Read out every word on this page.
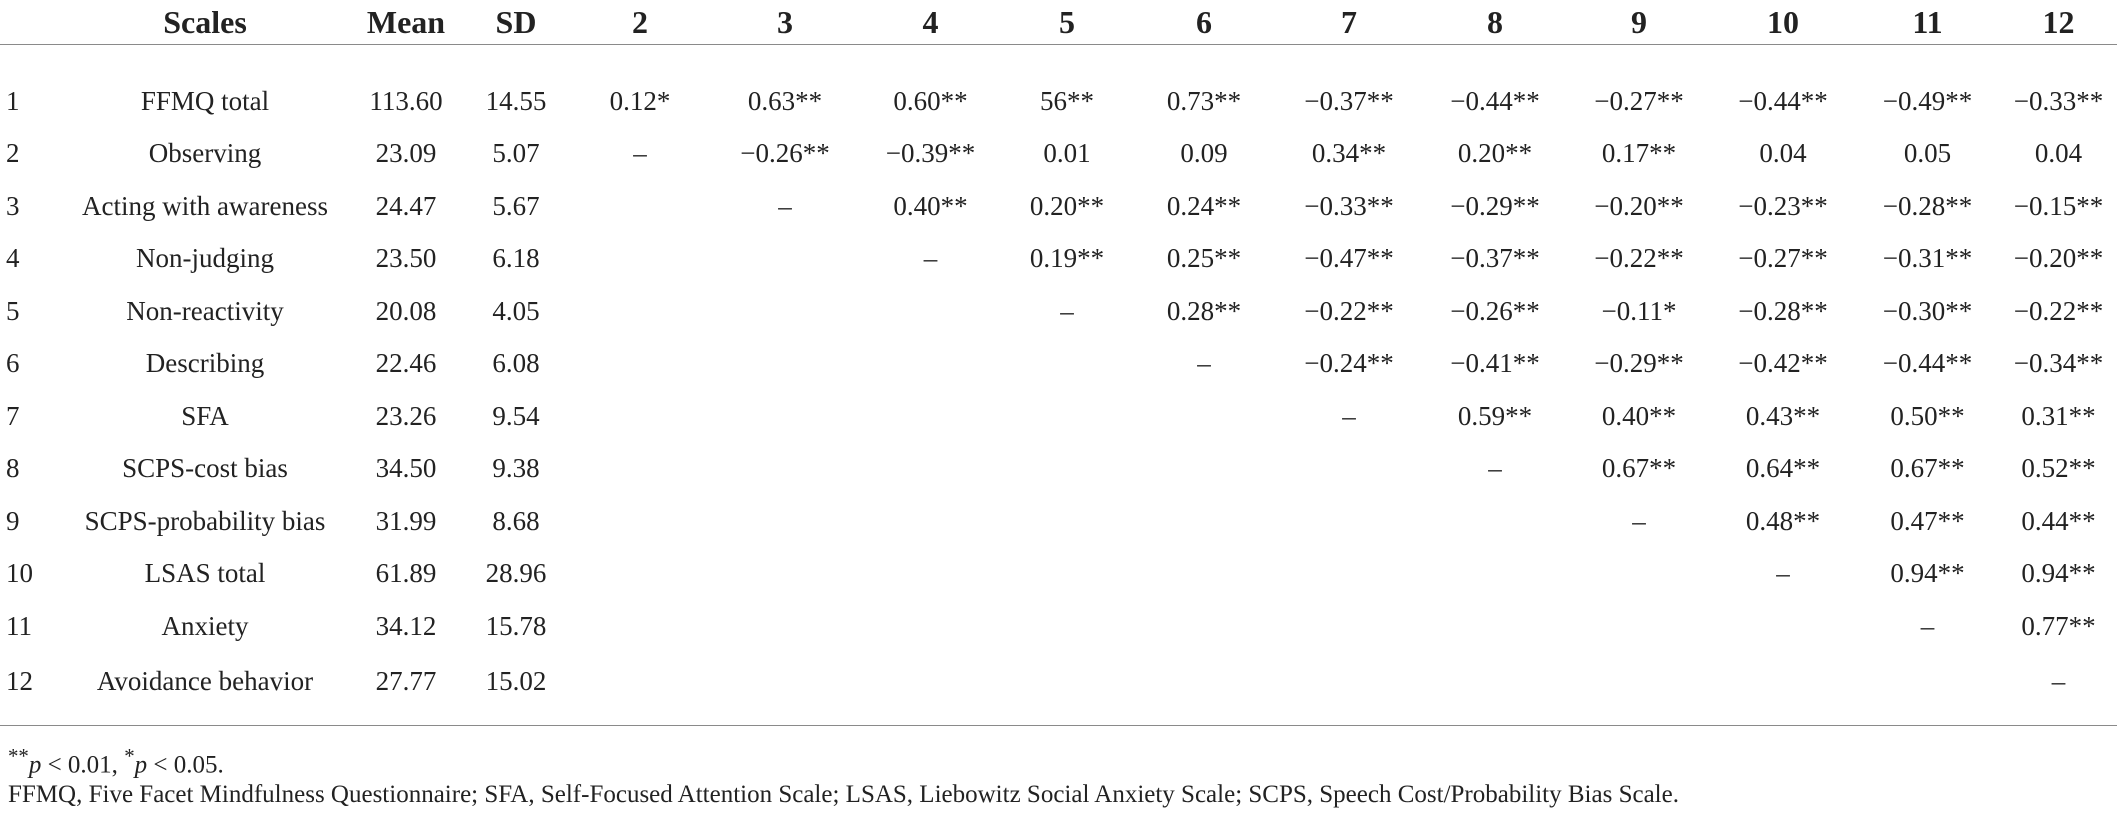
	Scales	Mean	SD	2	3	4	5	6	7	8	9	10	11	12
1	FFMQ total	113.60	14.55	0.12*	0.63**	0.60**	56**	0.73**	−0.37**	−0.44**	−0.27**	−0.44**	−0.49**	−0.33**
2	Observing	23.09	5.07	–	−0.26**	−0.39**	0.01	0.09	0.34**	0.20**	0.17**	0.04	0.05	0.04
3	Acting with awareness	24.47	5.67		–	0.40**	0.20**	0.24**	−0.33**	−0.29**	−0.20**	−0.23**	−0.28**	−0.15**
4	Non-judging	23.50	6.18			–	0.19**	0.25**	−0.47**	−0.37**	−0.22**	−0.27**	−0.31**	−0.20**
5	Non-reactivity	20.08	4.05				–	0.28**	−0.22**	−0.26**	−0.11*	−0.28**	−0.30**	−0.22**
6	Describing	22.46	6.08					–	−0.24**	−0.41**	−0.29**	−0.42**	−0.44**	−0.34**
7	SFA	23.26	9.54						–	0.59**	0.40**	0.43**	0.50**	0.31**
8	SCPS-cost bias	34.50	9.38							–	0.67**	0.64**	0.67**	0.52**
9	SCPS-probability bias	31.99	8.68								–	0.48**	0.47**	0.44**
10	LSAS total	61.89	28.96									–	0.94**	0.94**
11	Anxiety	34.12	15.78										–	0.77**
12	Avoidance behavior	27.77	15.02											–
**p < 0.01, *p < 0.05.
FFMQ, Five Facet Mindfulness Questionnaire; SFA, Self-Focused Attention Scale; LSAS, Liebowitz Social Anxiety Scale; SCPS, Speech Cost/Probability Bias Scale.
